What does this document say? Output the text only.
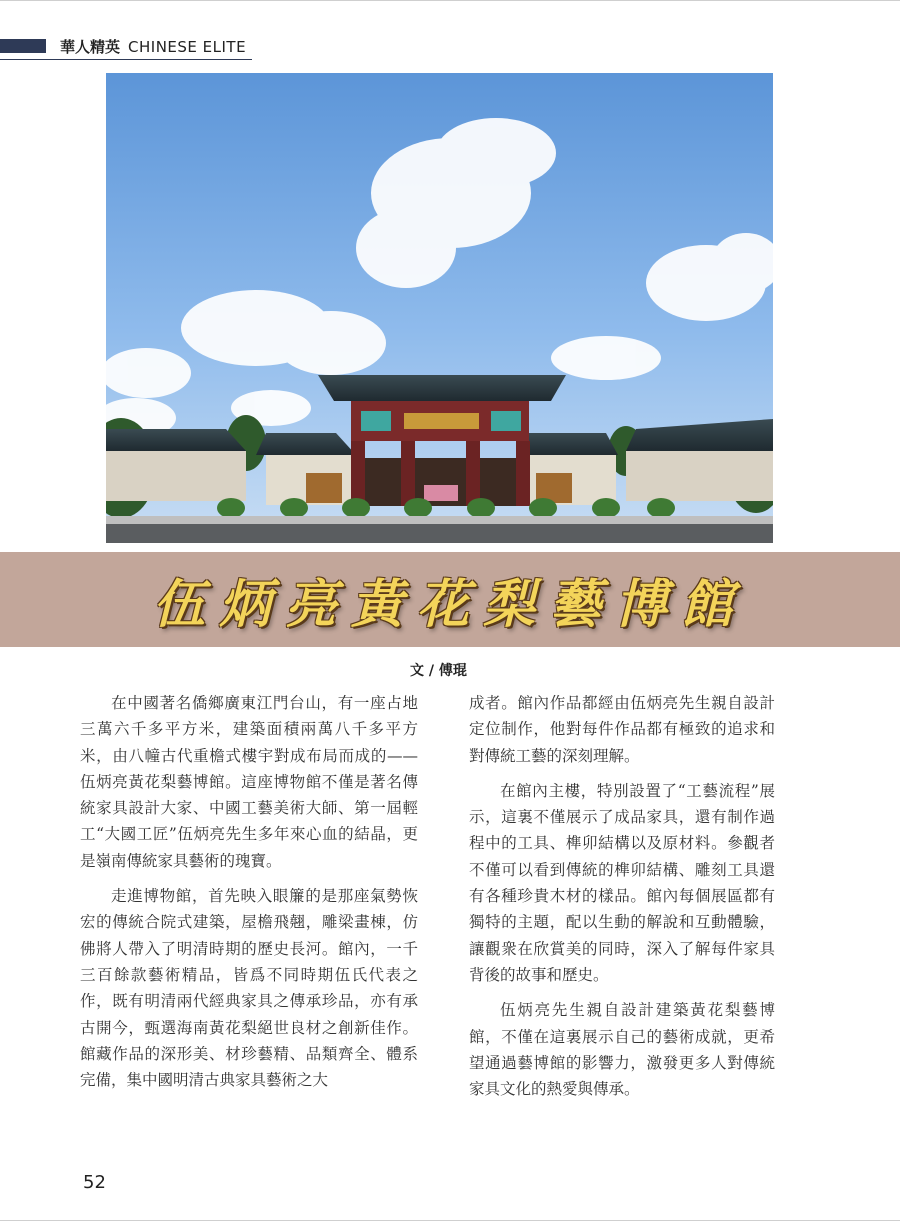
華人精英 CHINESE ELITE
伍炳亮黃花梨藝博館
文 / 傅琨

在中國著名僑鄉廣東江門台山，有一座占地三萬六千多平方米，建築面積兩萬八千多平方米，由八幢古代重檐式樓宇對成布局而成的——伍炳亮黃花梨藝博館。這座博物館不僅是著名傳統家具設計大家、中國工藝美術大師、第一屆輕工“大國工匠”伍炳亮先生多年來心血的結晶，更是嶺南傳統家具藝術的瑰寶。

走進博物館，首先映入眼簾的是那座氣勢恢宏的傳統合院式建築，屋檐飛翹，雕梁畫棟，仿佛將人帶入了明清時期的歷史長河。館內，一千三百餘款藝術精品，皆爲不同時期伍氏代表之作，既有明清兩代經典家具之傳承珍品，亦有承古開今，甄選海南黃花梨絕世良材之創新佳作。館藏作品的深形美、材珍藝精、品類齊全、體系完備，集中國明清古典家具藝術之大

成者。館內作品都經由伍炳亮先生親自設計定位制作，他對每件作品都有極致的追求和對傳統工藝的深刻理解。

在館內主樓，特別設置了“工藝流程”展示，這裏不僅展示了成品家具，還有制作過程中的工具、榫卯結構以及原材料。參觀者不僅可以看到傳統的榫卯結構、雕刻工具還有各種珍貴木材的樣品。館內每個展區都有獨特的主題，配以生動的解說和互動體驗，讓觀衆在欣賞美的同時，深入了解每件家具背後的故事和歷史。

伍炳亮先生親自設計建築黃花梨藝博館，不僅在這裏展示自己的藝術成就，更希望通過藝博館的影響力，激發更多人對傳統家具文化的熱愛與傳承。

52
